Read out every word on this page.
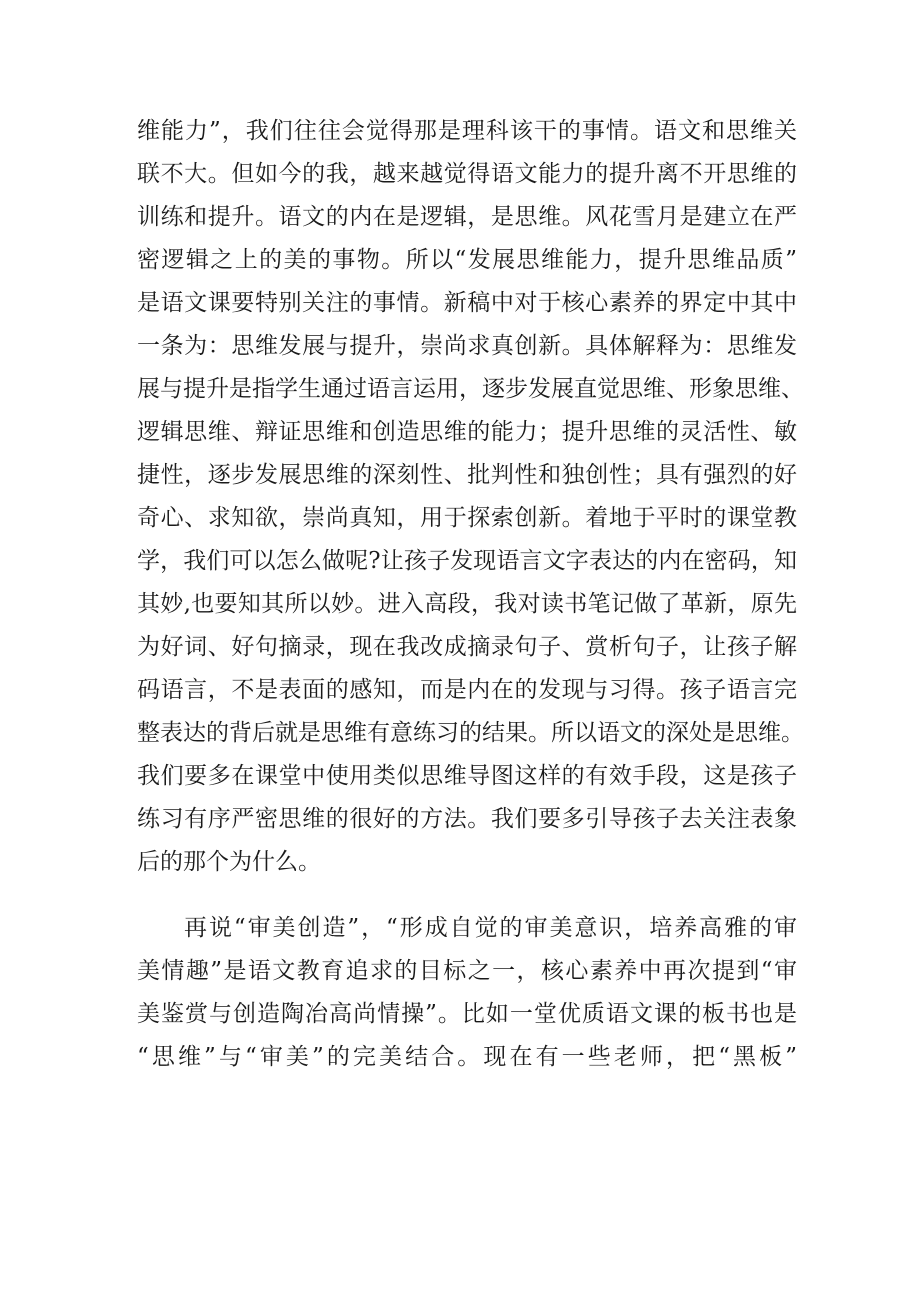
维能力”，我们往往会觉得那是理科该干的事情。语文和思维关
联不大。但如今的我，越来越觉得语文能力的提升离不开思维的
训练和提升。语文的内在是逻辑，是思维。风花雪月是建立在严
密逻辑之上的美的事物。所以“发展思维能力，提升思维品质”
是语文课要特别关注的事情。新稿中对于核心素养的界定中其中
一条为：思维发展与提升，崇尚求真创新。具体解释为：思维发
展与提升是指学生通过语言运用，逐步发展直觉思维、形象思维、
逻辑思维、辩证思维和创造思维的能力；提升思维的灵活性、敏
捷性，逐步发展思维的深刻性、批判性和独创性；具有强烈的好
奇心、求知欲，崇尚真知，用于探索创新。着地于平时的课堂教
学，我们可以怎么做呢?让孩子发现语言文字表达的内在密码，知
其妙,也要知其所以妙。进入高段，我对读书笔记做了革新，原先
为好词、好句摘录，现在我改成摘录句子、赏析句子，让孩子解
码语言，不是表面的感知，而是内在的发现与习得。孩子语言完
整表达的背后就是思维有意练习的结果。所以语文的深处是思维。
我们要多在课堂中使用类似思维导图这样的有效手段，这是孩子
练习有序严密思维的很好的方法。我们要多引导孩子去关注表象
后的那个为什么。
再说“审美创造”，“形成自觉的审美意识，培养高雅的审
美情趣”是语文教育追求的目标之一，核心素养中再次提到“审
美鉴赏与创造陶冶高尚情操”。比如一堂优质语文课的板书也是
“思维”与“审美”的完美结合。现在有一些老师，把“黑板”
